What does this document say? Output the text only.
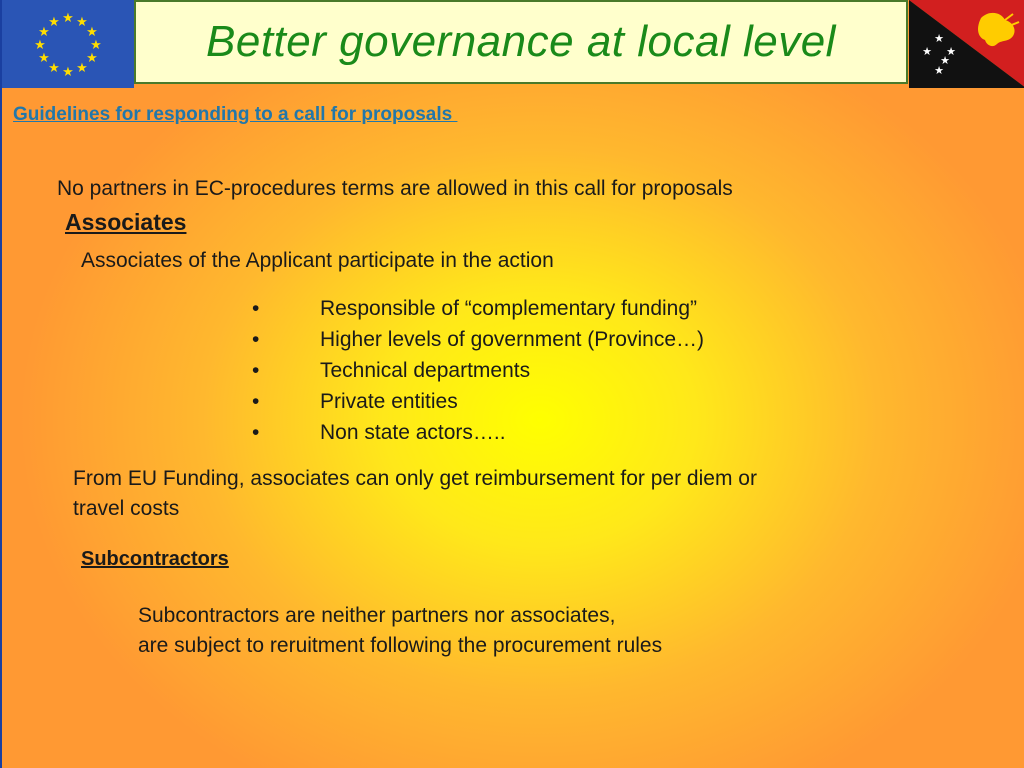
★ ★
★
★
★
★
★
★
★
★
★
★	Better governance at local level	★
★ ★
★
★
Guidelines for responding to a call for proposals
No partners in EC-procedures terms are allowed in this call for proposals
Associates
Associates of the Applicant participate in the action
•	Responsible of “complementary funding”
•	Higher levels of government (Province…)
•	Technical departments
•	Private entities
•	Non state actors…..
From EU Funding, associates can only get reimbursement for per diem or
travel costs
Subcontractors
Subcontractors are neither partners nor associates,
are subject to reruitment following the procurement rules
